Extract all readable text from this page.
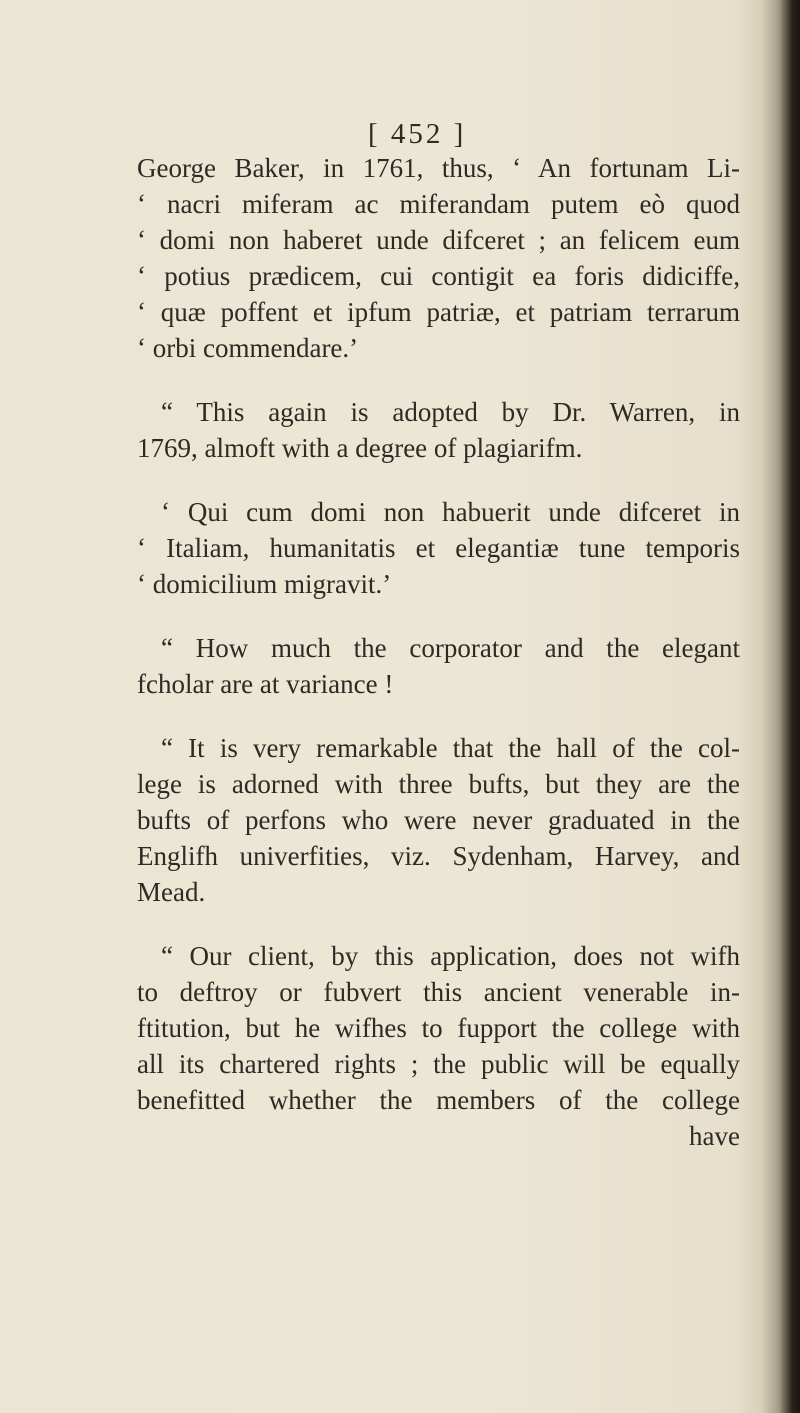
[ 452 ]

George Baker, in 1761, thus, ‘ An fortunam Li-
‘ nacri miferam ac miferandam putem eò quod
‘ domi non haberet unde difceret ; an felicem eum
‘ potius prædicem, cui contigit ea foris didiciffe,
‘ quæ poffent et ipfum patriæ, et patriam terrarum
‘ orbi commendare.’

“ This again is adopted by Dr. Warren, in
1769, almoft with a degree of plagiarifm.

‘ Qui cum domi non habuerit unde difceret in
‘ Italiam, humanitatis et elegantiæ tune temporis
‘ domicilium migravit.’

“ How much the corporator and the elegant
fcholar are at variance !

“ It is very remarkable that the hall of the col-
lege is adorned with three bufts, but they are the
bufts of perfons who were never graduated in the
Englifh univerfities, viz. Sydenham, Harvey, and
Mead.

“ Our client, by this application, does not wifh
to deftroy or fubvert this ancient venerable in-
ftitution, but he wifhes to fupport the college with
all its chartered rights ; the public will be equally
benefitted whether the members of the college

have
